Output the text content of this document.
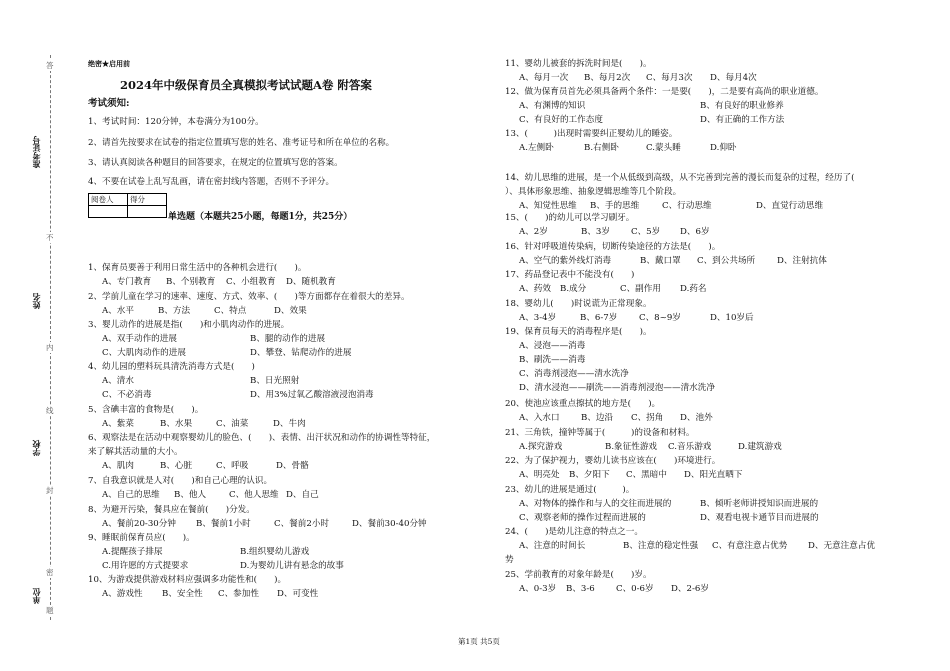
答
不
内
线
封
密
题
准考证号
姓名
学校
单位
绝密★启用前
2024年中级保育员全真模拟考试试题A卷 附答案
考试须知:
1、考试时间：120分钟，本卷满分为100分。
2、请首先按要求在试卷的指定位置填写您的姓名、准考证号和所在单位的名称。
3、请认真阅读各种题目的回答要求，在规定的位置填写您的答案。
4、不要在试卷上乱写乱画，请在密封线内答题，否则不予评分。
阅卷人	得分

单选题（本题共25小题，每题1分，共25分）
1、保育员要善于利用日常生活中的各种机会进行(　　)。
A、专门教育 B、个别教育 C、小组教育 D、随机教育
2、学前儿童在学习的速率、速度、方式、效率、(　　)等方面都存在着很大的差异。
A、水平	B、方法	C、特点	D、效果
3、婴儿动作的进展是指(　　)和小肌肉动作的进展。
A、双手动作的进展	B、腿的动作的进展
C、大肌肉动作的进展	D、攀登、钻爬动作的进展
4、幼儿园的塑料玩具清洗消毒方式是(　　)
A、清水	B、日光照射
C、不必消毒	D、用3%过氧乙酸溶液浸泡消毒
5、含碘丰富的食物是(　　)。
A、紫菜	B、水果	C、油菜	D、牛肉
6、观察法是在活动中观察婴幼儿的脸色、(　　)、表情、出汗状况和动作的协调性等特征，
来了解其活动量的大小。
A、肌肉	B、心脏	C、呼吸	D、骨骼
7、自我意识就是人对(　　)和自己心理的认识。
A、自己的思维 B、他人	C、他人思维 D、自己
8、为避开污染，餐具应在餐前(　　)分发。
A、餐前20-30分钟 B、餐前1小时	C、餐前2小时	D、餐前30-40分钟
9、睡眠前保育员应(　　)。
A.提醒孩子排尿	B.组织婴幼儿游戏
C.用许愿的方式提要求	D.为婴幼儿讲有悬念的故事
10、为游戏提供游戏材料应强调多功能性和(　　)。
A、游戏性 B、安全性 C、参加性 D、可变性
11、婴幼儿被套的拆洗时间是(　　)。
A、每月一次 B、每月2次 C、每月3次 D、每月4次
12、做为保育员首先必须具备两个条件：一是要(　　)，二是要有高尚的职业道德。
A、有渊博的知识	B、有良好的职业修养
C、有良好的工作态度	D、有正确的工作方法
13、(　　　)出现时需要纠正婴幼儿的睡姿。
A.左侧卧	B.右侧卧	C.蒙头睡	D.仰卧
14、幼儿思维的进展，是一个从低级到高级，从不完善到完善的漫长而复杂的过程，经历了(　　
）、具体形象思维、抽象逻辑思维等几个阶段。
A、知觉性思维 B、手的思维	C、行动思维	D、直觉行动思维
15、(　　)的幼儿可以学习刷牙。
A、2岁	B、3岁 C、5岁 D、6岁
16、针对呼吸道传染病，切断传染途径的方法是(　　)。
A、空气的紫外线灯消毒	B、戴口罩 C、到公共场所	D、注射抗体
17、药品登记表中不能没有(　　)
A、药效 B.成分	C、副作用 D.药名
18、婴幼儿(　　)时说谎为正常现象。
A、3-4岁	B、6-7岁	C、8~9岁	D、10岁后
19、保育员每天的消毒程序是(　　)。
A、浸泡——消毒
B、刷洗——消毒
C、消毒剂浸泡——清水洗净
D、清水浸泡——刷洗——消毒剂浸泡——清水洗净
20、使池应该重点擦拭的地方是(　　)。
A、入水口 B、边沿 C、拐角 D、池外
21、三角铁，撞钟等属于(　　　)的设备和材料。
A.探究游戏	B.象征性游戏 C.音乐游戏	D.建筑游戏
22、为了保护视力，婴幼儿读书应该在(　　)环境进行。
A、明亮处 B、夕阳下 C、黑暗中 D、阳光直晒下
23、幼儿的进展是通过(　　　)。
A、对物体的操作和与人的交往而进展的	B、倾听老师讲授知识而进展的
C、观察老师的操作过程而进展的	D、观看电视卡通节目而进展的
24、(　　)是幼儿注意的特点之一。
A、注意的时间长	B、注意的稳定性强 C、有意注意占优势 D、无意注意占优
势
25、学前教育的对象年龄是(　　)岁。
A、0-3岁 B、3-6 C、0-6岁 D、2-6岁
第1页 共5页
